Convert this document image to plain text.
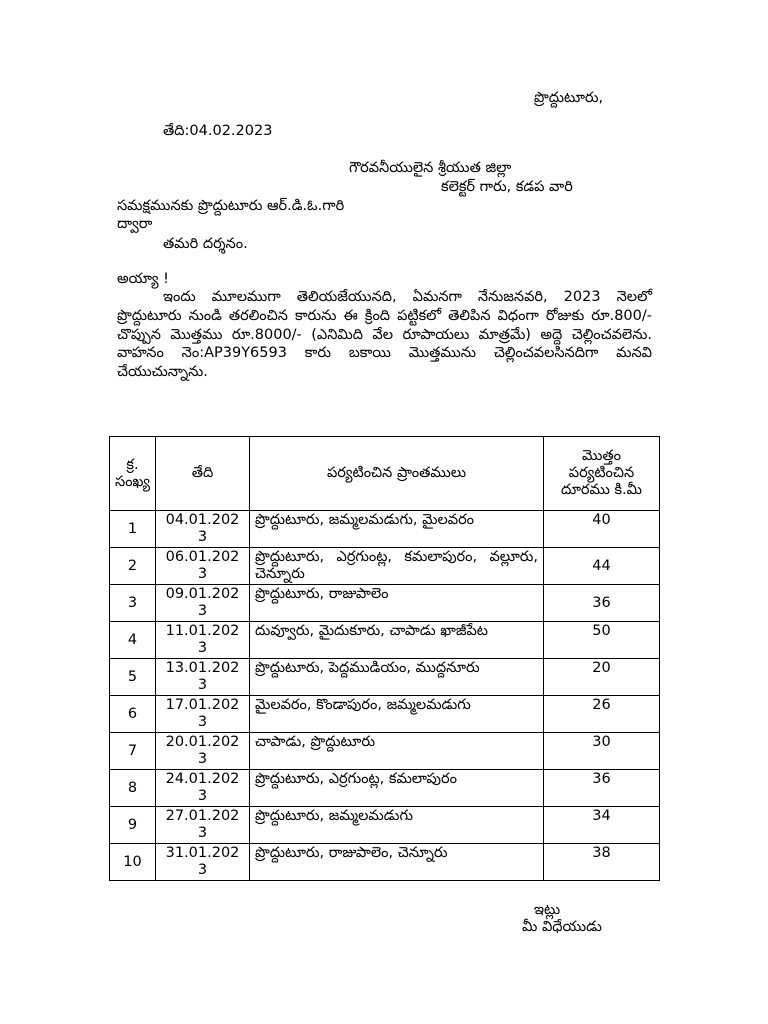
ప్రొద్దుటూరు,
తేది:04.02.2023
గౌరవనీయులైన శ్రీయుత జిల్లా
కలెక్టర్ గారు, కడప వారి
సమక్షమునకు ప్రొద్దుటూరు ఆర్.డి.ఓ.గారి
ద్వారా
తమరి దర్శనం.
అయ్యా !
ఇందు మూలముగా తెలియజేయునది, ఏమనగా నేనుజనవరి, 2023 నెలలో ప్రొద్దుటూరు నుండి తరలించిన కారును ఈ క్రింది పట్టికలో తెలిపిన విధంగా రోజుకు రూ.800/- చొప్పున మొత్తము రూ.8000/- (ఎనిమిది వేల రూపాయలు మాత్రమే) అద్దె చెల్లించవలెను. వాహనం నెం:AP39Y6593 కారు బకాయి మొత్తమును చెల్లించవలసినదిగా మనవి చేయుచున్నాను.
క్ర. సంఖ్య	తేది	పర్యటించిన ప్రాంతములు	మొత్తం పర్యటించిన దూరము కి.మీ
1	04.01.2023	ప్రొద్దుటూరు, జమ్మలమడుగు, మైలవరం	40
2	06.01.2023	ప్రొద్దుటూరు, ఎర్రగుంట్ల, కమలాపురం, వల్లూరు, చెన్నూరు	44
3	09.01.2023	ప్రొద్దుటూరు, రాజుపాలెం	36
4	11.01.2023	దువ్వూరు, మైదుకూరు, చాపాడు ఖాజీపేట	50
5	13.01.2023	ప్రొద్దుటూరు, పెద్దముడియం, ముద్దనూరు	20
6	17.01.2023	మైలవరం, కొండాపురం, జమ్మలమడుగు	26
7	20.01.2023	చాపాడు, ప్రొద్దుటూరు	30
8	24.01.2023	ప్రొద్దుటూరు, ఎర్రగుంట్ల, కమలాపురం	36
9	27.01.2023	ప్రొద్దుటూరు, జమ్మలమడుగు	34
10	31.01.2023	ప్రొద్దుటూరు, రాజుపాలెం, చెన్నూరు	38
ఇట్లు
మీ విధేయుడు
